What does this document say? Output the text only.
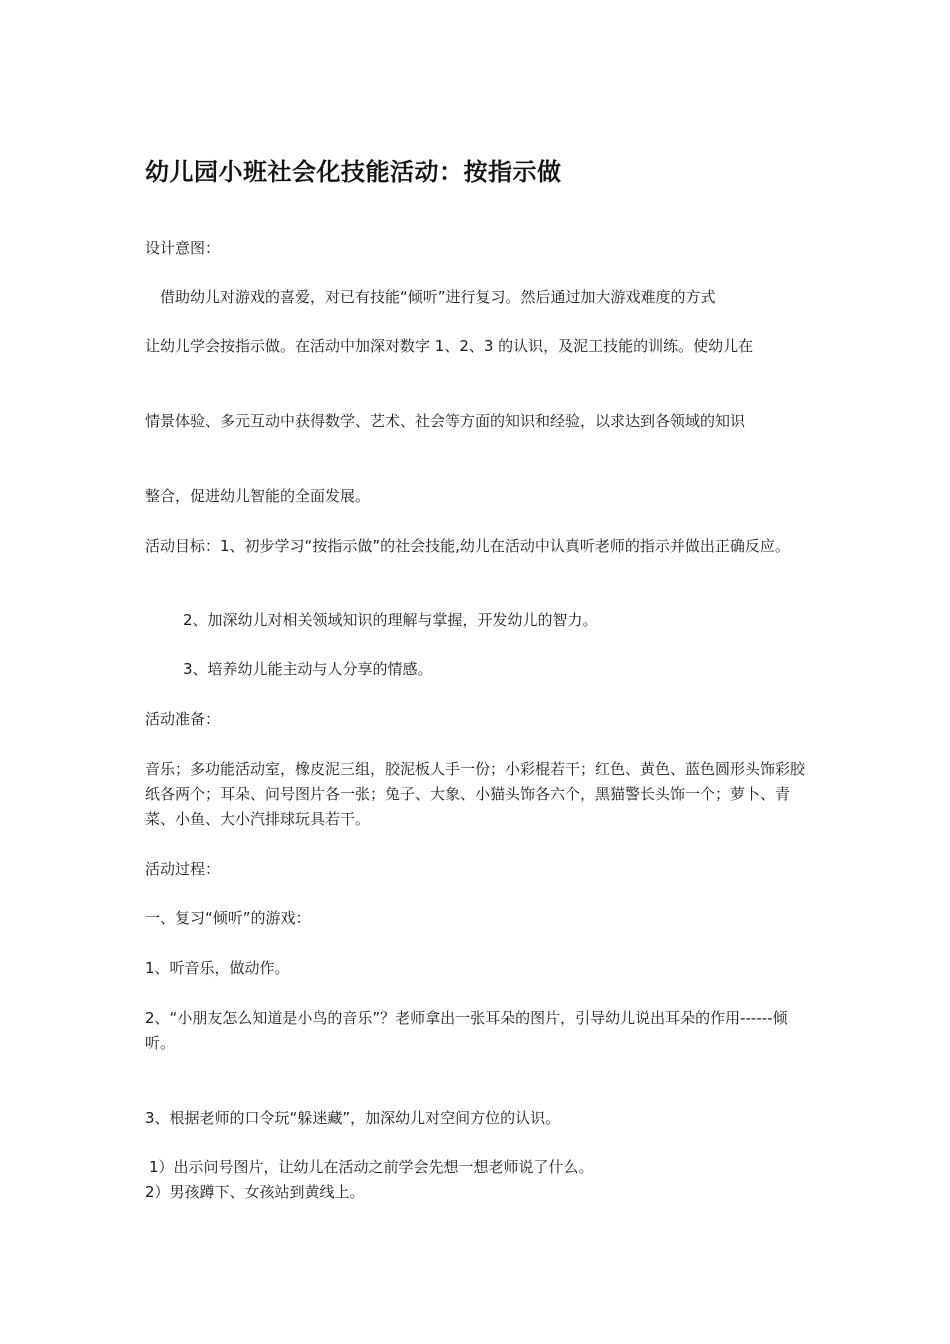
幼儿园小班社会化技能活动：按指示做
设计意图：
借助幼儿对游戏的喜爱，对已有技能“倾听”进行复习。然后通过加大游戏难度的方式
让幼儿学会按指示做。在活动中加深对数字 1、2、3 的认识，及泥工技能的训练。使幼儿在
情景体验、多元互动中获得数学、艺术、社会等方面的知识和经验，以求达到各领域的知识
整合，促进幼儿智能的全面发展。
活动目标：1、初步学习“按指示做”的社会技能,幼儿在活动中认真听老师的指示并做出正确反应。
2、加深幼儿对相关领域知识的理解与掌握，开发幼儿的智力。
3、培养幼儿能主动与人分享的情感。
活动准备：
音乐；多功能活动室，橡皮泥三组，胶泥板人手一份；小彩棍若干；红色、黄色、蓝色圆形头饰彩胶纸各两个；耳朵、问号图片各一张；兔子、大象、小猫头饰各六个，黑猫警长头饰一个；萝卜、青菜、小鱼、大小汽排球玩具若干。
活动过程：
一、复习“倾听”的游戏：
1、听音乐，做动作。
2、“小朋友怎么知道是小鸟的音乐”？老师拿出一张耳朵的图片，引导幼儿说出耳朵的作用------倾听。
3、根据老师的口令玩“躲迷藏”，加深幼儿对空间方位的认识。
1）出示问号图片，让幼儿在活动之前学会先想一想老师说了什么。
2）男孩蹲下、女孩站到黄线上。
